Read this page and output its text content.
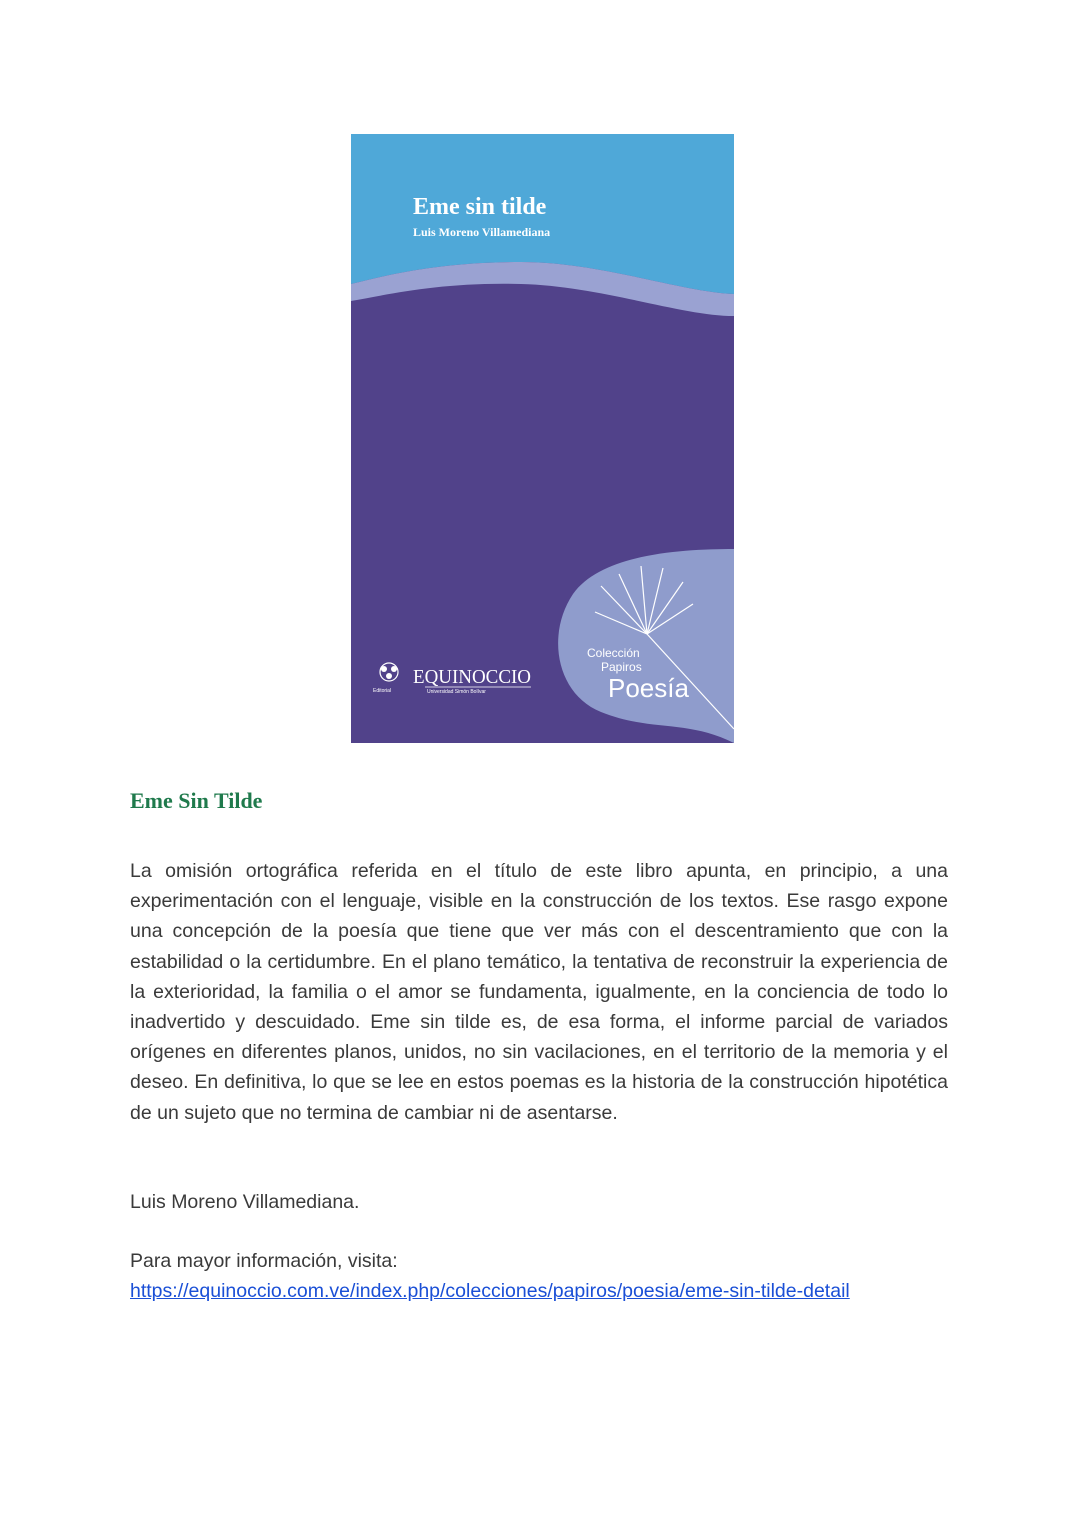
Eme sin tilde
Luis Moreno Villamediana
Colección
Papiros
Poesía
Editorial
EQUINOCCIO
Universidad Simón Bolívar
Eme Sin Tilde

La omisión ortográfica referida en el título de este libro apunta, en principio, a una experimentación con el lenguaje, visible en la construcción de los textos. Ese rasgo expone una concepción de la poesía que tiene que ver más con el descentramiento que con la estabilidad o la certidumbre. En el plano temático, la tentativa de reconstruir la experiencia de la exterioridad, la familia o el amor se fundamenta, igualmente, en la conciencia de todo lo inadvertido y descuidado. Eme sin tilde es, de esa forma, el informe parcial de variados orígenes en diferentes planos, unidos, no sin vacilaciones, en el territorio de la memoria y el deseo. En definitiva, lo que se lee en estos poemas es la historia de la construcción hipotética de un sujeto que no termina de cambiar ni de asentarse.

Luis Moreno Villamediana.

Para mayor información, visita:
https://equinoccio.com.ve/index.php/colecciones/papiros/poesia/eme-sin-tilde-detail
